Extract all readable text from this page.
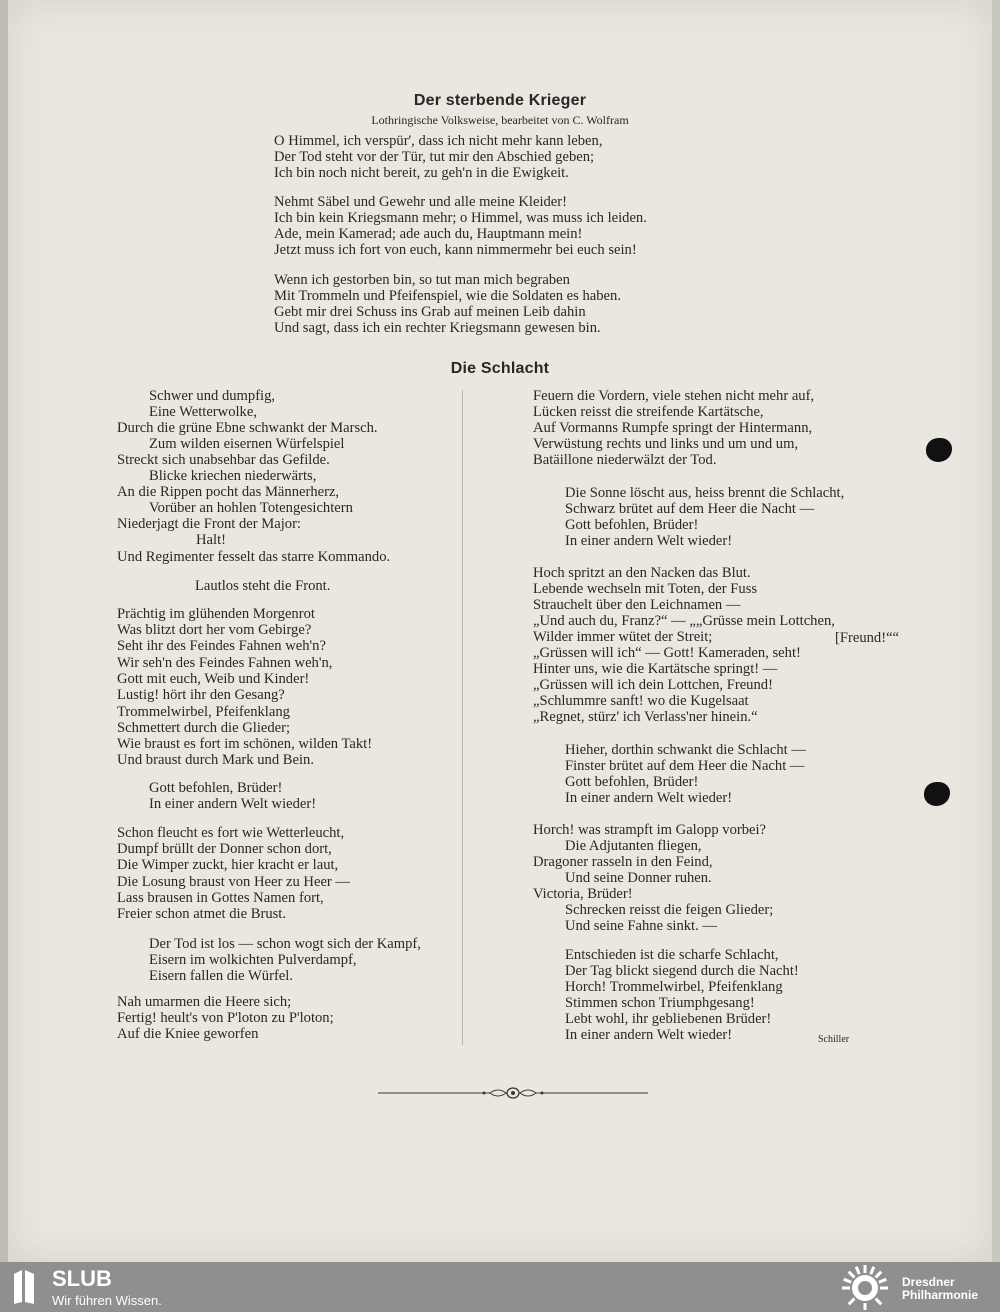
Der sterbende Krieger
Lothringische Volksweise, bearbeitet von C. Wolfram
O Himmel, ich verspür', dass ich nicht mehr kann leben,
Der Tod steht vor der Tür, tut mir den Abschied geben;
Ich bin noch nicht bereit, zu geh'n in die Ewigkeit.
Nehmt Säbel und Gewehr und alle meine Kleider!
Ich bin kein Kriegsmann mehr; o Himmel, was muss ich leiden.
Ade, mein Kamerad; ade auch du, Hauptmann mein!
Jetzt muss ich fort von euch, kann nimmermehr bei euch sein!
Wenn ich gestorben bin, so tut man mich begraben
Mit Trommeln und Pfeifenspiel, wie die Soldaten es haben.
Gebt mir drei Schuss ins Grab auf meinen Leib dahin
Und sagt, dass ich ein rechter Kriegsmann gewesen bin.
Die Schlacht
Schwer und dumpfig,
Eine Wetterwolke,
Durch die grüne Ebne schwankt der Marsch.
Zum wilden eisernen Würfelspiel
Streckt sich unabsehbar das Gefilde.
Blicke kriechen niederwärts,
An die Rippen pocht das Männerherz,
Vorüber an hohlen Totengesichtern
Niederjagt die Front der Major:
Halt!
Und Regimenter fesselt das starre Kommando.
Lautlos steht die Front.
Prächtig im glühenden Morgenrot
Was blitzt dort her vom Gebirge?
Seht ihr des Feindes Fahnen weh'n?
Wir seh'n des Feindes Fahnen weh'n,
Gott mit euch, Weib und Kinder!
Lustig! hört ihr den Gesang?
Trommelwirbel, Pfeifenklang
Schmettert durch die Glieder;
Wie braust es fort im schönen, wilden Takt!
Und braust durch Mark und Bein.
Gott befohlen, Brüder!
In einer andern Welt wieder!
Schon fleucht es fort wie Wetterleucht,
Dumpf brüllt der Donner schon dort,
Die Wimper zuckt, hier kracht er laut,
Die Losung braust von Heer zu Heer —
Lass brausen in Gottes Namen fort,
Freier schon atmet die Brust.
Der Tod ist los — schon wogt sich der Kampf,
Eisern im wolkichten Pulverdampf,
Eisern fallen die Würfel.
Nah umarmen die Heere sich;
Fertig! heult's von P'loton zu P'loton;
Auf die Kniee geworfen
Feuern die Vordern, viele stehen nicht mehr auf,
Lücken reisst die streifende Kartätsche,
Auf Vormanns Rumpfe springt der Hintermann,
Verwüstung rechts und links und um und um,
Batäillone niederwälzt der Tod.
Die Sonne löscht aus, heiss brennt die Schlacht,
Schwarz brütet auf dem Heer die Nacht —
Gott befohlen, Brüder!
In einer andern Welt wieder!
Hoch spritzt an den Nacken das Blut.
Lebende wechseln mit Toten, der Fuss
Strauchelt über den Leichnamen —
„Und auch du, Franz?“ — „„Grüsse mein Lottchen,
Wilder immer wütet der Streit;	[Freund!““
„Grüssen will ich“ — Gott! Kameraden, seht!
Hinter uns, wie die Kartätsche springt! —
„Grüssen will ich dein Lottchen, Freund!
„Schlummre sanft! wo die Kugelsaat
„Regnet, stürz' ich Verlass'ner hinein.“
Hieher, dorthin schwankt die Schlacht —
Finster brütet auf dem Heer die Nacht —
Gott befohlen, Brüder!
In einer andern Welt wieder!
Horch! was strampft im Galopp vorbei?
Die Adjutanten fliegen,
Dragoner rasseln in den Feind,
Und seine Donner ruhen.
Victoria, Brüder!
Schrecken reisst die feigen Glieder;
Und seine Fahne sinkt. —
Entschieden ist die scharfe Schlacht,
Der Tag blickt siegend durch die Nacht!
Horch! Trommelwirbel, Pfeifenklang
Stimmen schon Triumphgesang!
Lebt wohl, ihr gebliebenen Brüder!
In einer andern Welt wieder!	Schiller
SLUB
Wir führen Wissen.
Dresdner
Philharmonie
